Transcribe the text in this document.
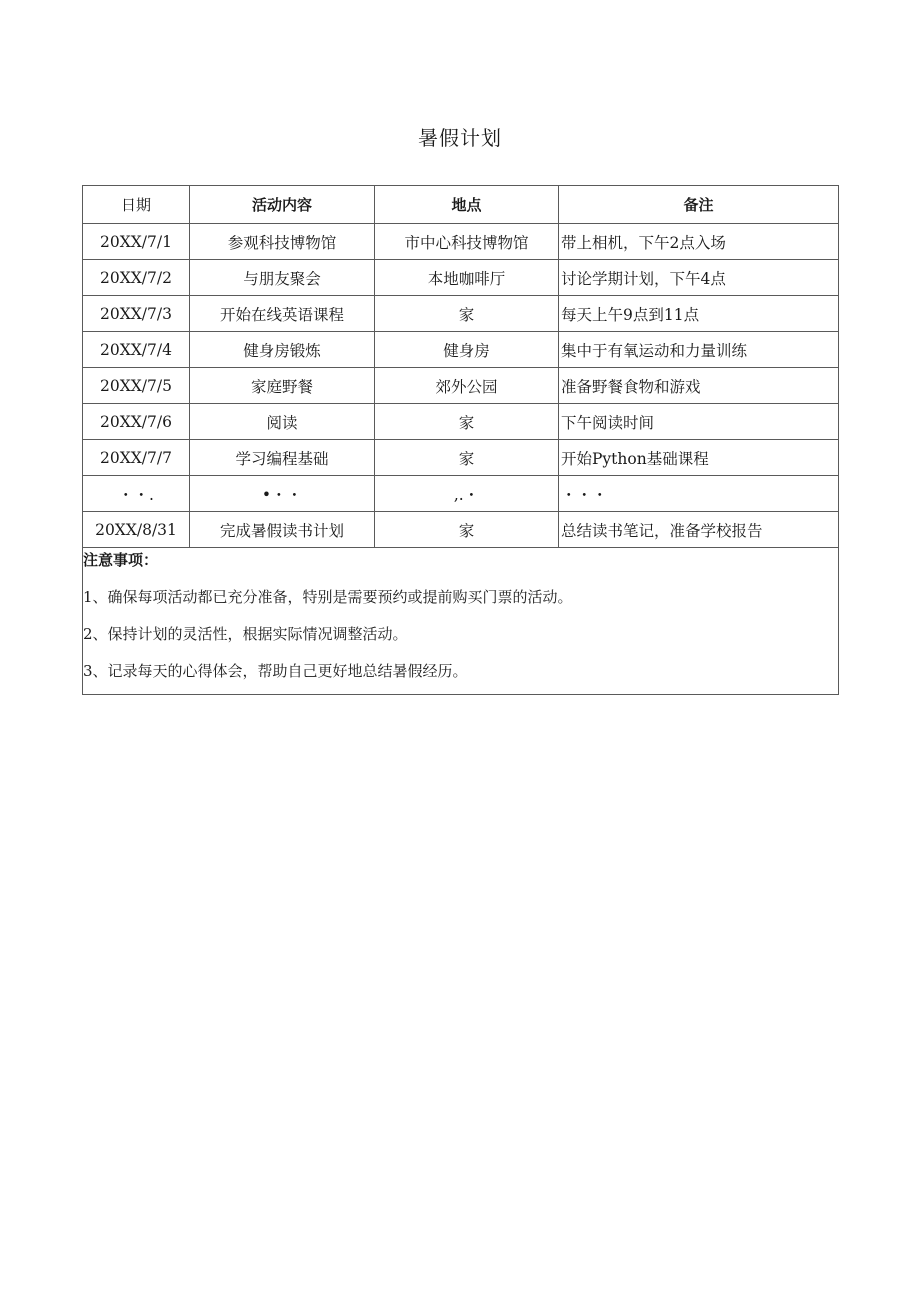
暑假计划
日期	活动内容	地点	备注
20XX/7/1	参观科技博物馆	市中心科技博物馆	带上相机，下午2点入场
20XX/7/2	与朋友聚会	本地咖啡厅	讨论学期计划，下午4点
20XX/7/3	开始在线英语课程	家	每天上午9点到11点
20XX/7/4	健身房锻炼	健身房	集中于有氧运动和力量训练
20XX/7/5	家庭野餐	郊外公园	准备野餐食物和游戏
20XX/7/6	阅读	家	下午阅读时间
20XX/7/7	学习编程基础	家	开始Python基础课程
・・.	•・・	,.・	・・・
20XX/8/31	完成暑假读书计划	家	总结读书笔记，准备学校报告

注意事项：
1、确保每项活动都已充分准备，特别是需要预约或提前购买门票的活动。
2、保持计划的灵活性，根据实际情况调整活动。
3、记录每天的心得体会，帮助自己更好地总结暑假经历。			
